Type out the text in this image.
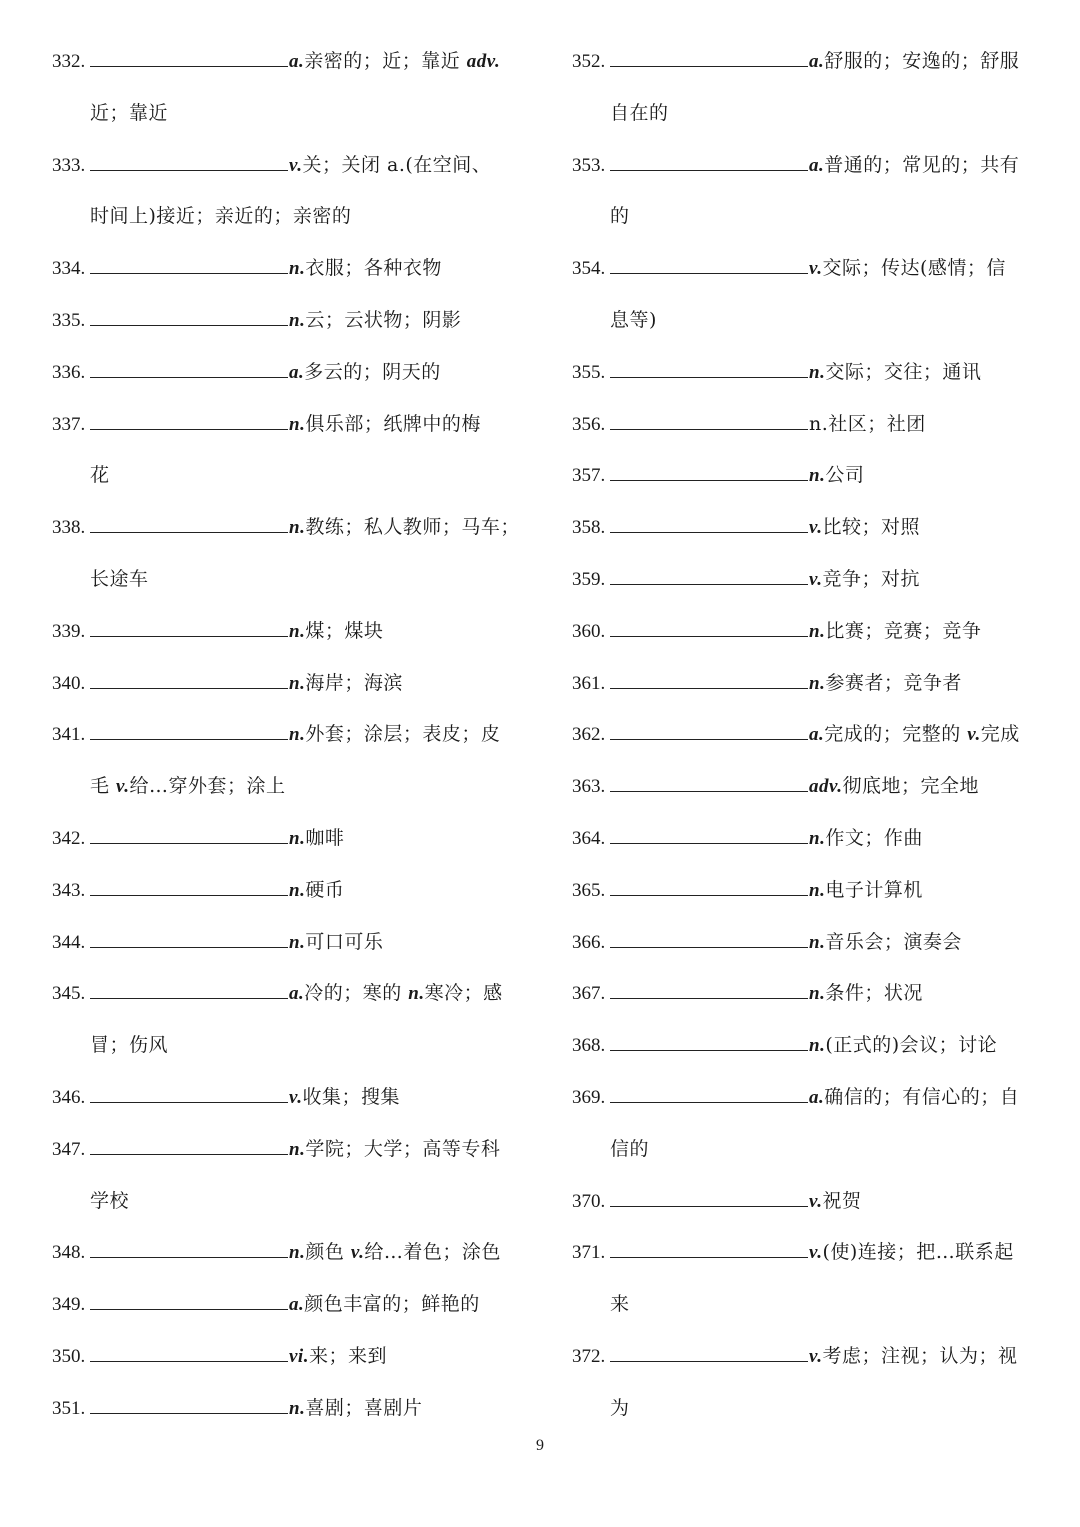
332.	a.亲密的；近；靠近 adv.
近；靠近
333.	v.关；关闭 a.(在空间、
时间上)接近；亲近的；亲密的
334.	n.衣服；各种衣物
335.	n.云；云状物；阴影
336.	a.多云的；阴天的
337.	n.俱乐部；纸牌中的梅
花
338.	n.教练；私人教师；马车；
长途车
339.	n.煤；煤块
340.	n.海岸；海滨
341.	n.外套；涂层；表皮；皮
毛 v.给…穿外套；涂上
342.	n.咖啡
343.	n.硬币
344.	n.可口可乐
345.	a.冷的；寒的 n.寒冷；感
冒；伤风
346.	v.收集；搜集
347.	n.学院；大学；高等专科
学校
348.	n.颜色 v.给…着色；涂色
349.	a.颜色丰富的；鲜艳的
350.	vi.来；来到
351.	n.喜剧；喜剧片
352.	a.舒服的；安逸的；舒服
自在的
353.	a.普通的；常见的；共有
的
354.	v.交际；传达(感情；信
息等)
355.	n.交际；交往；通讯
356.	n.社区；社团
357.	n.公司
358.	v.比较；对照
359.	v.竞争；对抗
360.	n.比赛；竞赛；竞争
361.	n.参赛者；竞争者
362.	a.完成的；完整的 v.完成
363.	adv.彻底地；完全地
364.	n.作文；作曲
365.	n.电子计算机
366.	n.音乐会；演奏会
367.	n.条件；状况
368.	n.(正式的)会议；讨论
369.	a.确信的；有信心的；自
信的
370.	v.祝贺
371.	v.(使)连接；把…联系起
来
372.	v.考虑；注视；认为；视
为
9
